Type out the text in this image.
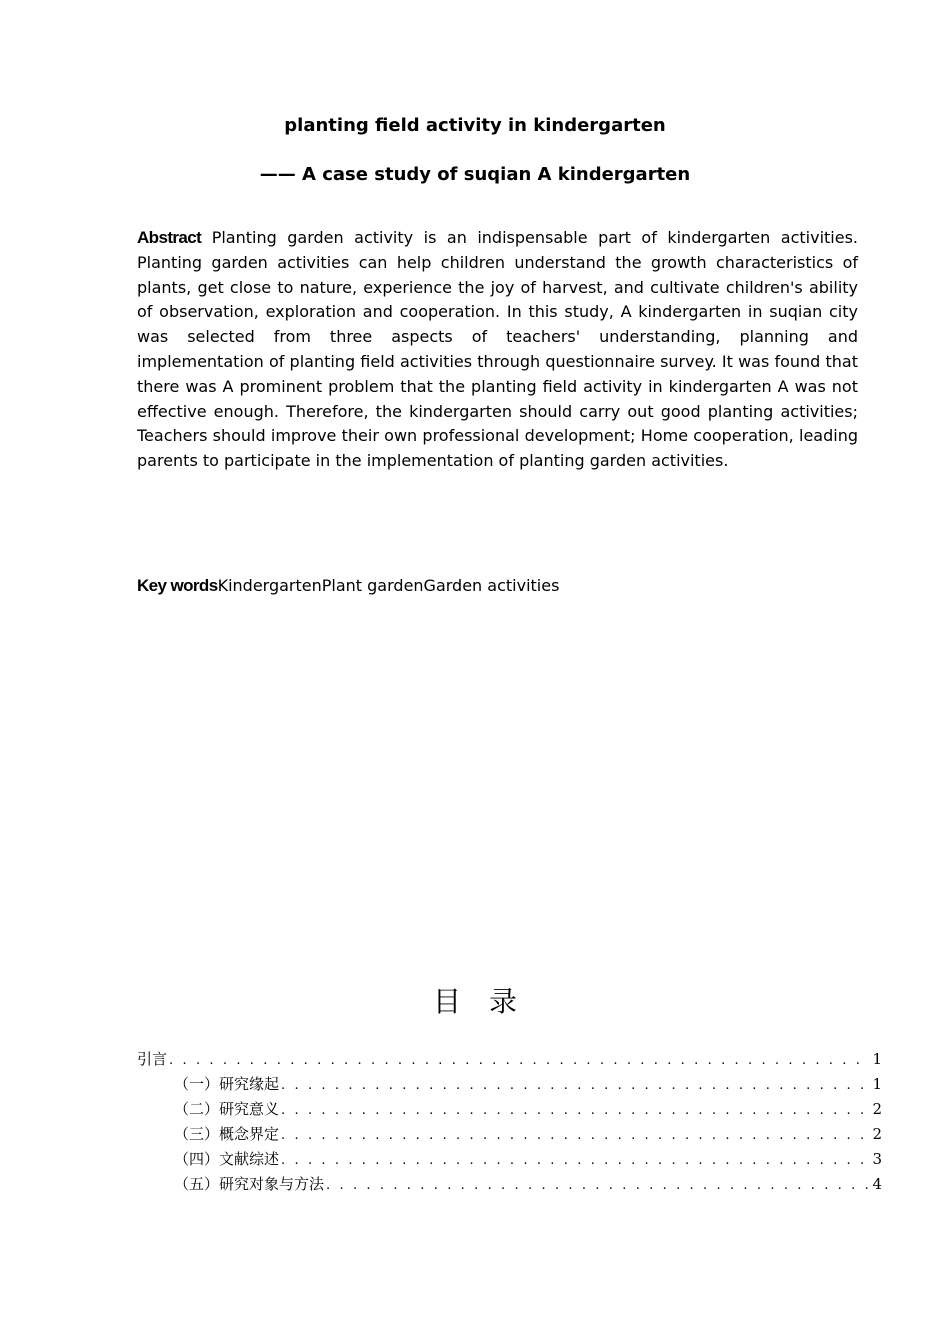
planting field activity in kindergarten
—— A case study of suqian A kindergarten
Abstract Planting garden activity is an indispensable part of kindergarten activities. Planting garden activities can help children understand the growth characteristics of plants, get close to nature, experience the joy of harvest, and cultivate children's ability of observation, exploration and cooperation. In this study, A kindergarten in suqian city was selected from three aspects of teachers' understanding, planning and implementation of planting field activities through questionnaire survey. It was found that there was A prominent problem that the planting field activity in kindergarten A was not effective enough. Therefore, the kindergarten should carry out good planting activities; Teachers should improve their own professional development; Home cooperation, leading parents to participate in the implementation of planting garden activities.
Key wordsKindergartenPlant gardenGarden activities
目录
引言 . . .	1
（一）研究缘起 . . .	1
（二）研究意义 . . .	2
（三）概念界定 . . .	2
（四）文献综述 . . .	3
（五）研究对象与方法 . . .	4
